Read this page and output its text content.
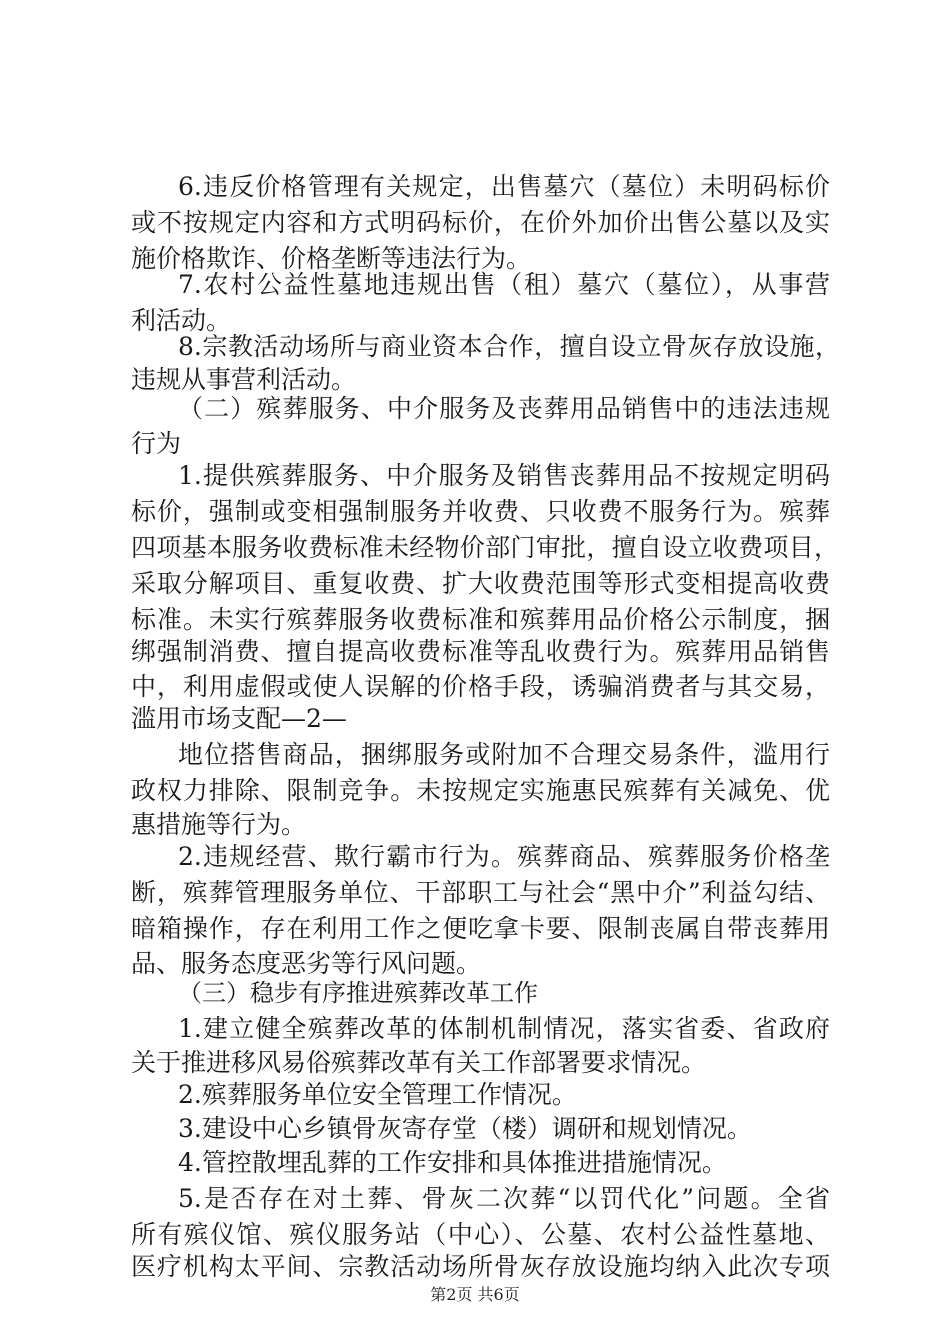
6.违反价格管理有关规定，出售墓穴（墓位）未明码标价
或不按规定内容和方式明码标价，在价外加价出售公墓以及实
施价格欺诈、价格垄断等违法行为。
7.农村公益性墓地违规出售（租）墓穴（墓位），从事营
利活动。
8.宗教活动场所与商业资本合作，擅自设立骨灰存放设施，
违规从事营利活动。
（二）殡葬服务、中介服务及丧葬用品销售中的违法违规
行为
1.提供殡葬服务、中介服务及销售丧葬用品不按规定明码
标价，强制或变相强制服务并收费、只收费不服务行为。殡葬
四项基本服务收费标准未经物价部门审批，擅自设立收费项目，
采取分解项目、重复收费、扩大收费范围等形式变相提高收费
标准。未实行殡葬服务收费标准和殡葬用品价格公示制度，捆
绑强制消费、擅自提高收费标准等乱收费行为。殡葬用品销售
中，利用虚假或使人误解的价格手段，诱骗消费者与其交易，
滥用市场支配—2—
地位搭售商品，捆绑服务或附加不合理交易条件，滥用行
政权力排除、限制竞争。未按规定实施惠民殡葬有关减免、优
惠措施等行为。
2.违规经营、欺行霸市行为。殡葬商品、殡葬服务价格垄
断，殡葬管理服务单位、干部职工与社会“黑中介”利益勾结、
暗箱操作，存在利用工作之便吃拿卡要、限制丧属自带丧葬用
品、服务态度恶劣等行风问题。
（三）稳步有序推进殡葬改革工作
1.建立健全殡葬改革的体制机制情况，落实省委、省政府
关于推进移风易俗殡葬改革有关工作部署要求情况。
2.殡葬服务单位安全管理工作情况。
3.建设中心乡镇骨灰寄存堂（楼）调研和规划情况。
4.管控散埋乱葬的工作安排和具体推进措施情况。
5.是否存在对土葬、骨灰二次葬“以罚代化”问题。全省
所有殡仪馆、殡仪服务站（中心）、公墓、农村公益性墓地、
医疗机构太平间、宗教活动场所骨灰存放设施均纳入此次专项
第2页 共6页
